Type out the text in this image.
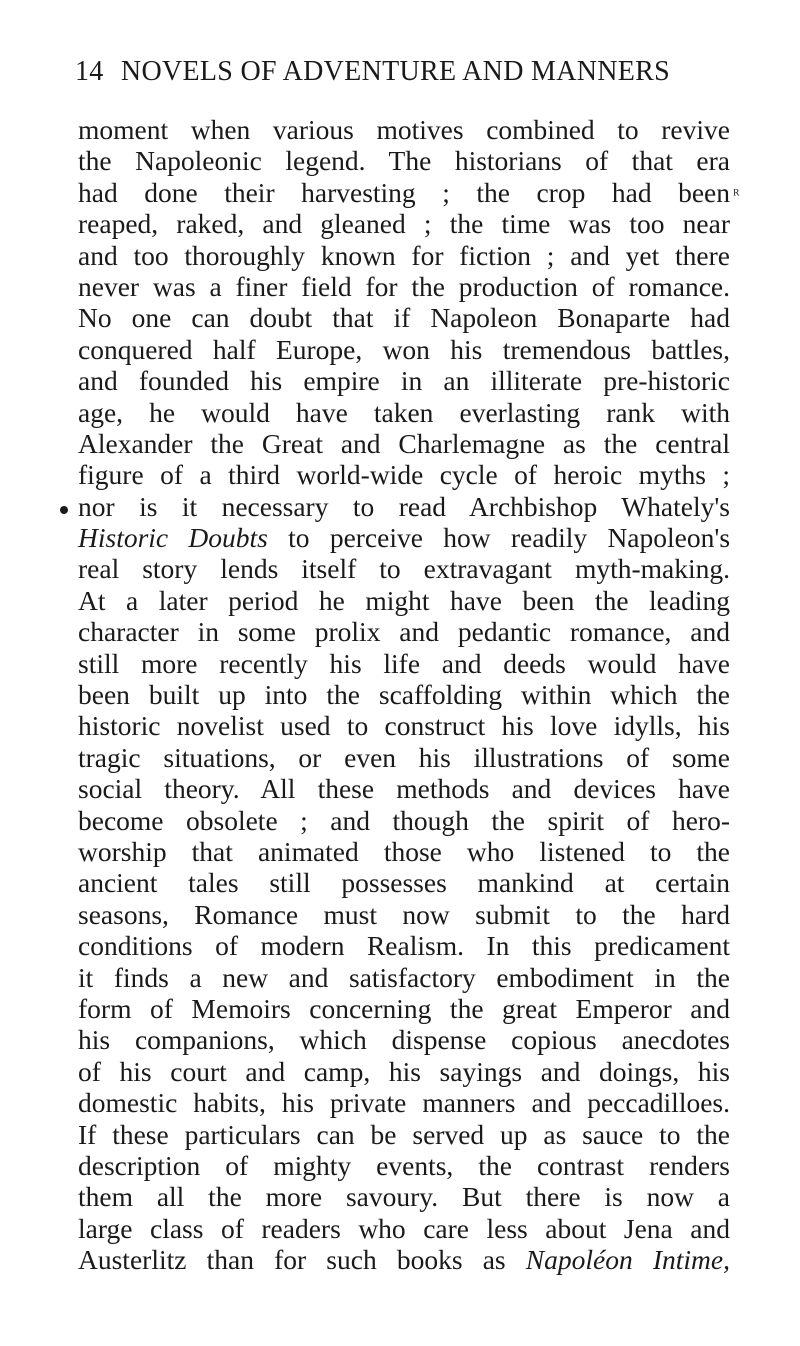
14 NOVELS OF ADVENTURE AND MANNERS
ᴿ
moment when various motives combined to revive
the Napoleonic legend. The historians of that era
had done their harvesting ; the crop had been
reaped, raked, and gleaned ; the time was too near
and too thoroughly known for fiction ; and yet there
never was a finer field for the production of romance.
No one can doubt that if Napoleon Bonaparte had
conquered half Europe, won his tremendous battles,
and founded his empire in an illiterate pre-historic
age, he would have taken everlasting rank with
Alexander the Great and Charlemagne as the central
figure of a third world-wide cycle of heroic myths ;
nor is it necessary to read Archbishop Whately's
Historic Doubts to perceive how readily Napoleon's
real story lends itself to extravagant myth-making.
At a later period he might have been the leading
character in some prolix and pedantic romance, and
still more recently his life and deeds would have
been built up into the scaffolding within which the
historic novelist used to construct his love idylls, his
tragic situations, or even his illustrations of some
social theory. All these methods and devices have
become obsolete ; and though the spirit of hero-
worship that animated those who listened to the
ancient tales still possesses mankind at certain
seasons, Romance must now submit to the hard
conditions of modern Realism. In this predicament
it finds a new and satisfactory embodiment in the
form of Memoirs concerning the great Emperor and
his companions, which dispense copious anecdotes
of his court and camp, his sayings and doings, his
domestic habits, his private manners and peccadilloes.
If these particulars can be served up as sauce to the
description of mighty events, the contrast renders
them all the more savoury. But there is now a
large class of readers who care less about Jena and
Austerlitz than for such books as Napoléon Intime,
